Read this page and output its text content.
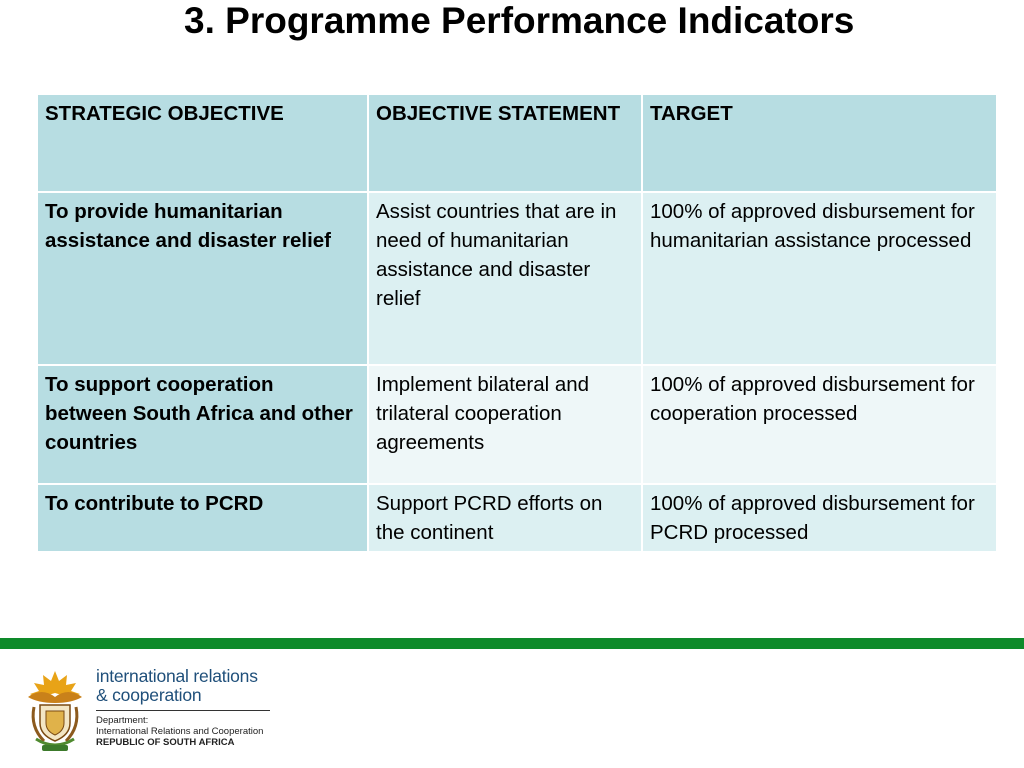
3. Programme Performance Indicators
STRATEGIC OBJECTIVE	OBJECTIVE STATEMENT	TARGET
To provide humanitarian assistance and disaster relief	Assist countries that are in need of humanitarian assistance and disaster relief	100% of approved disbursement for humanitarian assistance processed
To support cooperation between South Africa and other countries	Implement bilateral and trilateral cooperation agreements	100% of approved disbursement for cooperation processed
To contribute to PCRD	Support PCRD efforts on the continent	100% of approved disbursement for PCRD processed
international relations
& cooperation
Department:
International Relations and Cooperation
REPUBLIC OF SOUTH AFRICA
